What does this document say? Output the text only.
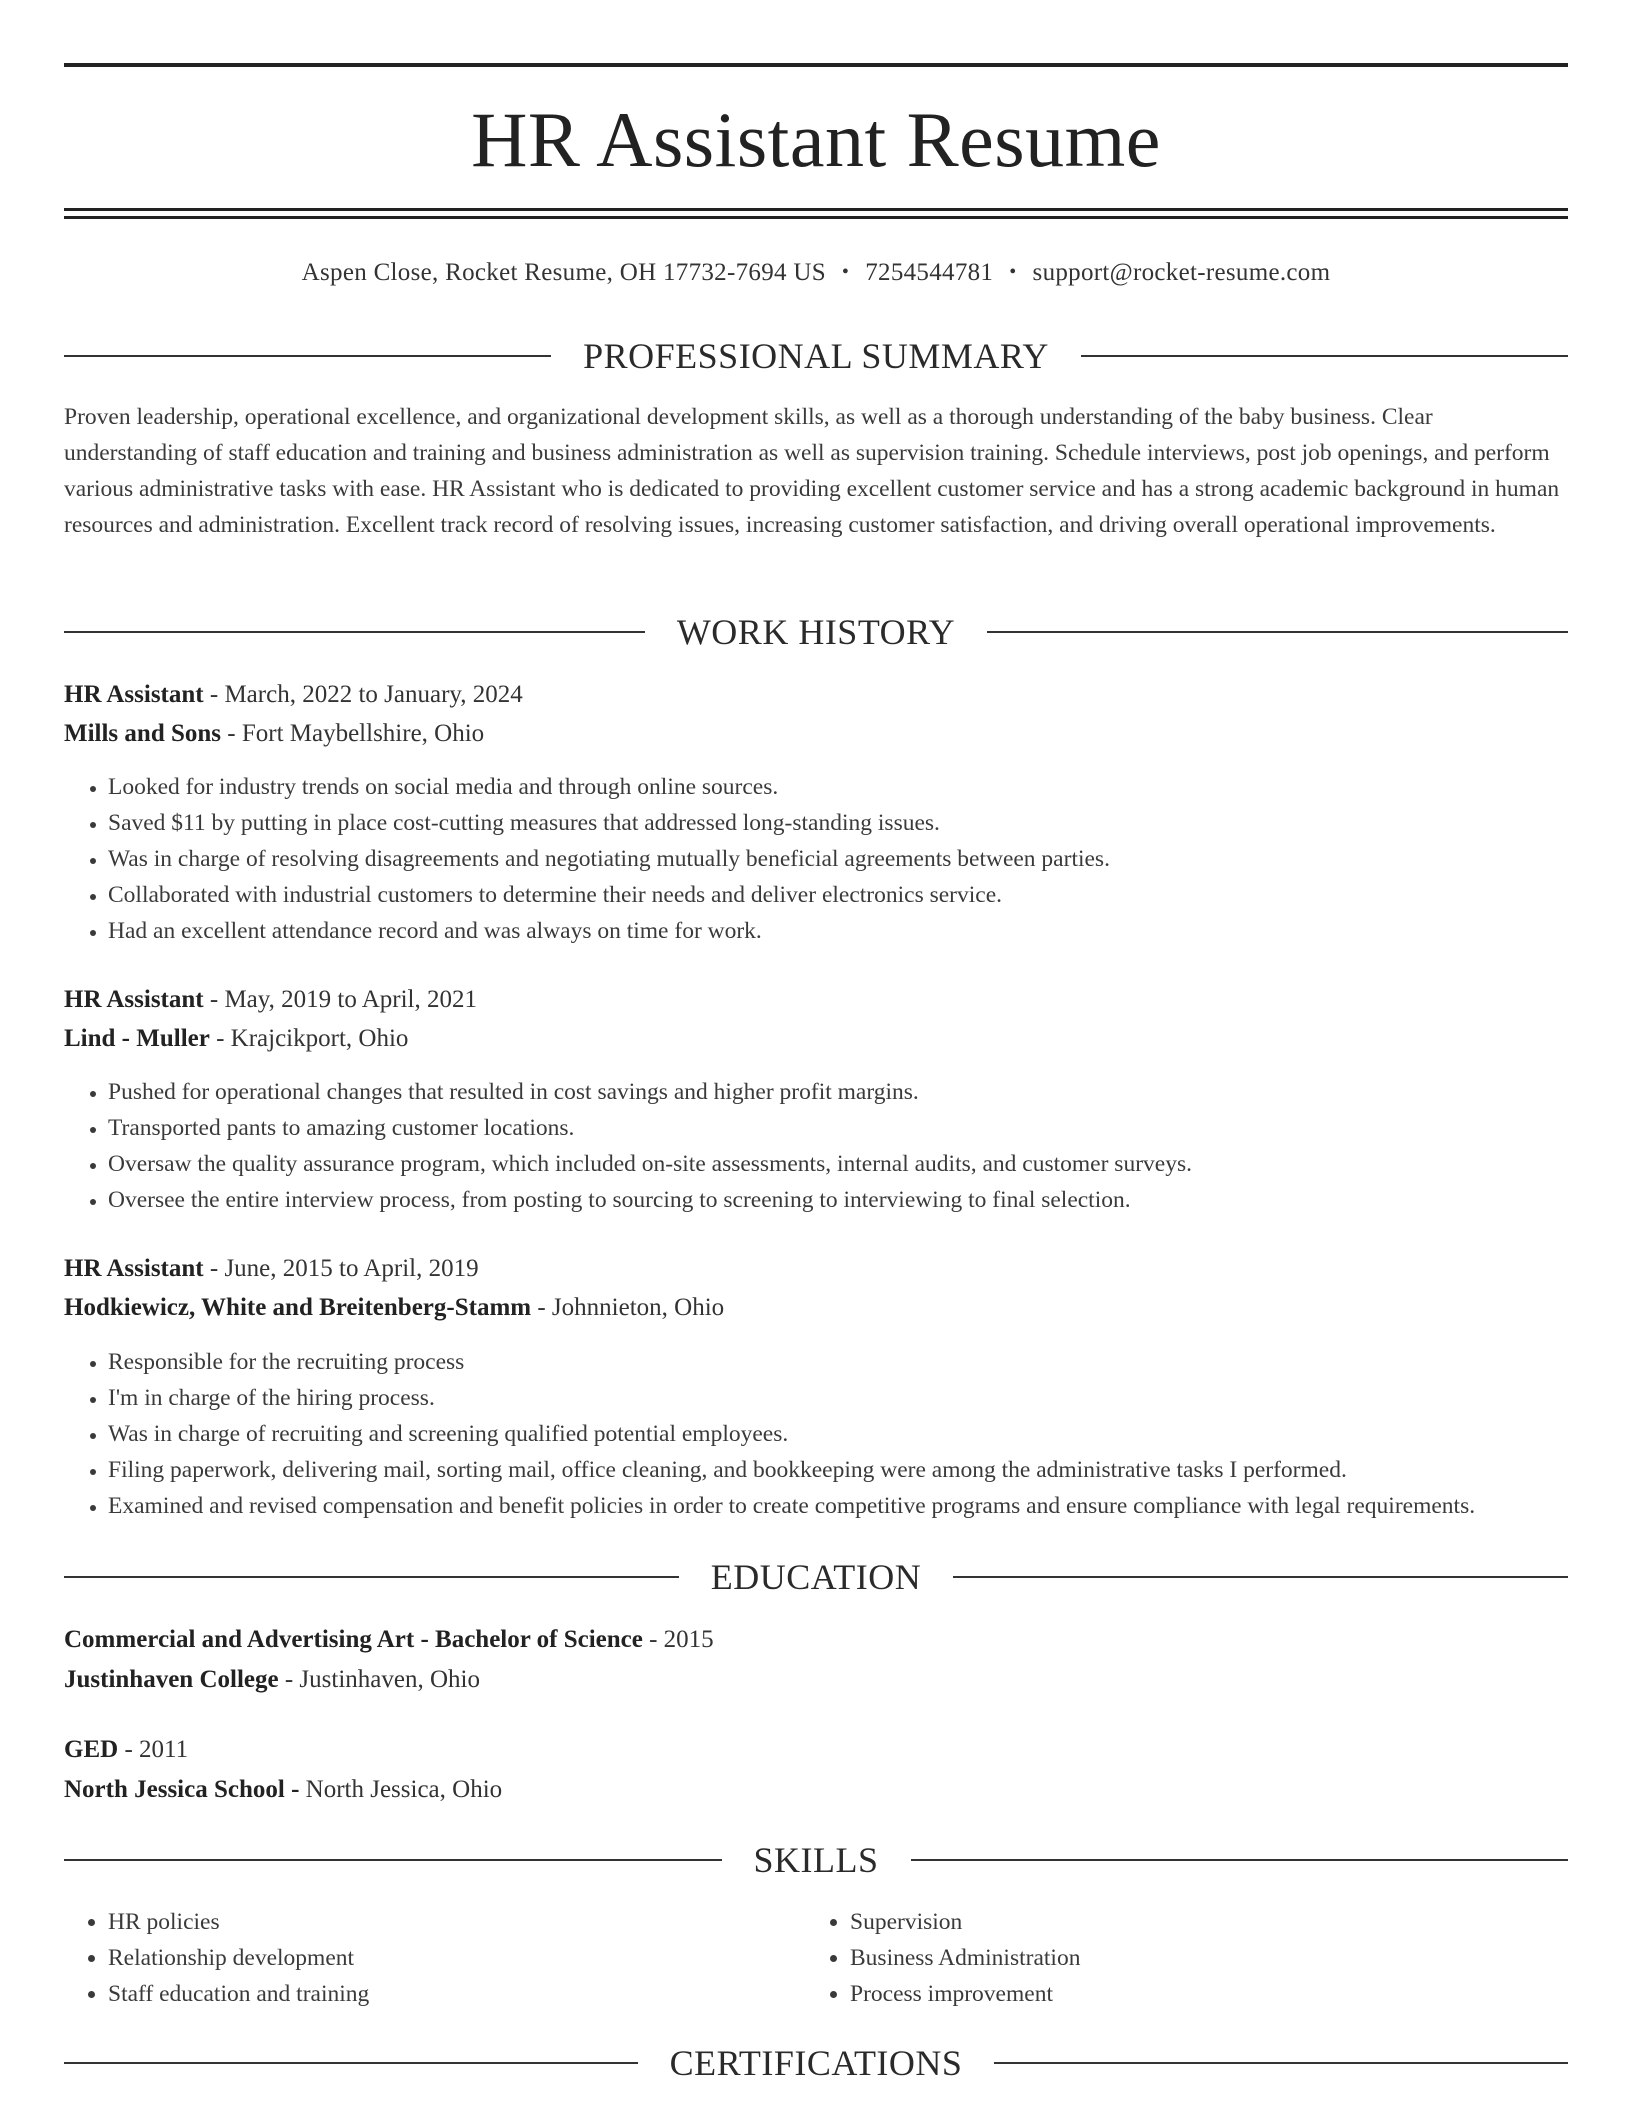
HR Assistant Resume
Aspen Close, Rocket Resume, OH 17732-7694 US • 7254544781 • support@rocket-resume.com
PROFESSIONAL SUMMARY
Proven leadership, operational excellence, and organizational development skills, as well as a thorough understanding of the baby business. Clear understanding of staff education and training and business administration as well as supervision training. Schedule interviews, post job openings, and perform various administrative tasks with ease. HR Assistant who is dedicated to providing excellent customer service and has a strong academic background in human resources and administration. Excellent track record of resolving issues, increasing customer satisfaction, and driving overall operational improvements.
WORK HISTORY
HR Assistant - March, 2022 to January, 2024
Mills and Sons - Fort Maybellshire, Ohio
• Looked for industry trends on social media and through online sources.
• Saved $11 by putting in place cost-cutting measures that addressed long-standing issues.
• Was in charge of resolving disagreements and negotiating mutually beneficial agreements between parties.
• Collaborated with industrial customers to determine their needs and deliver electronics service.
• Had an excellent attendance record and was always on time for work.
HR Assistant - May, 2019 to April, 2021
Lind - Muller - Krajcikport, Ohio
• Pushed for operational changes that resulted in cost savings and higher profit margins.
• Transported pants to amazing customer locations.
• Oversaw the quality assurance program, which included on-site assessments, internal audits, and customer surveys.
• Oversee the entire interview process, from posting to sourcing to screening to interviewing to final selection.
HR Assistant - June, 2015 to April, 2019
Hodkiewicz, White and Breitenberg-Stamm - Johnnieton, Ohio
• Responsible for the recruiting process
• I'm in charge of the hiring process.
• Was in charge of recruiting and screening qualified potential employees.
• Filing paperwork, delivering mail, sorting mail, office cleaning, and bookkeeping were among the administrative tasks I performed.
• Examined and revised compensation and benefit policies in order to create competitive programs and ensure compliance with legal requirements.
EDUCATION
Commercial and Advertising Art - Bachelor of Science - 2015
Justinhaven College - Justinhaven, Ohio
GED - 2011
North Jessica School - North Jessica, Ohio
SKILLS
• HR policies
• Relationship development
• Staff education and training
• Supervision
• Business Administration
• Process improvement
CERTIFICATIONS
